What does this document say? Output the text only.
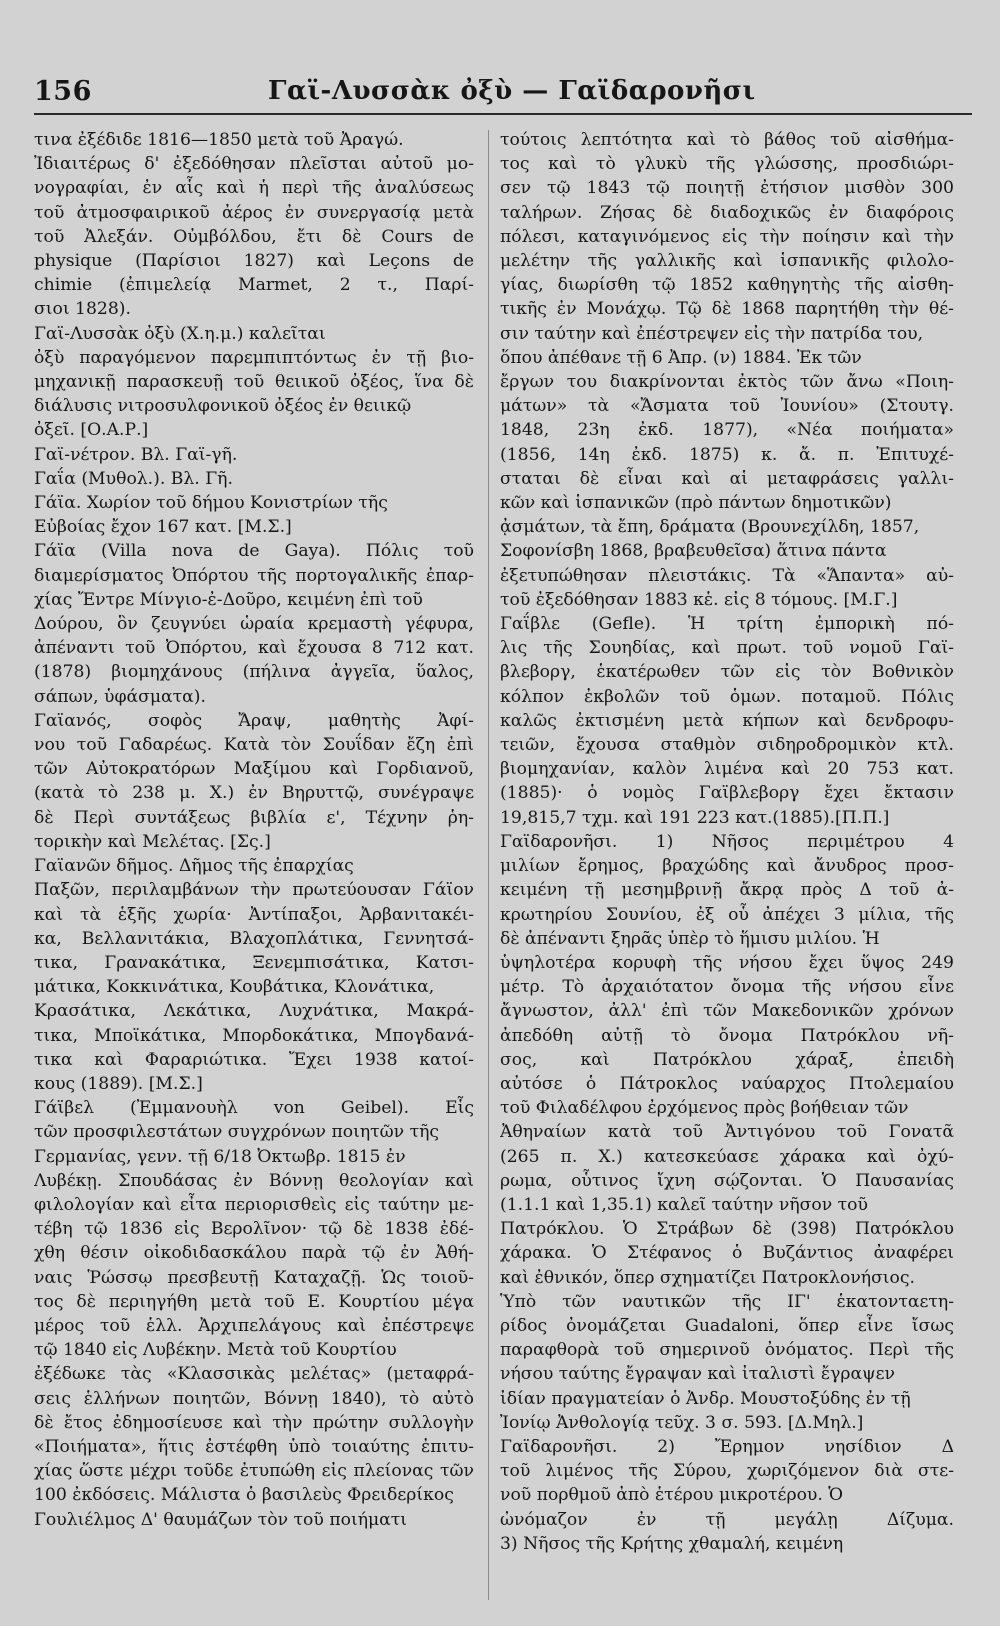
156	Γαϊ-Λυσσὰκ ὀξὺ — Γαϊδαρονῆσι
τινα ἐξέδιδε 1816—1850 μετὰ τοῦ Ἀραγώ.
Ἰδιαιτέρως δ' ἐξεδόθησαν πλεῖσται αὐτοῦ μο-
νογραφίαι, ἐν αἷς καὶ ἡ περὶ τῆς ἀναλύσεως
τοῦ ἀτμοσφαιρικοῦ ἀέρος ἐν συνεργασίᾳ μετὰ
τοῦ Ἀλεξάν. Οὐμβόλδου, ἔτι δὲ Cours de
physique (Παρίσιοι 1827) καὶ Leçons de
chimie (ἐπιμελείᾳ Marmet, 2 τ., Παρί-
σιοι 1828).
Γαϊ-Λυσσὰκ ὀξὺ (Χ.η.μ.) καλεῖται
ὀξὺ παραγόμενον παρεμπιπτόντως ἐν τῇ βιο-
μηχανικῇ παρασκευῇ τοῦ θειικοῦ ὀξέος, ἵνα δὲ
διάλυσις νιτροσυλφονικοῦ ὀξέος ἐν θειικῷ
ὀξεῖ. [Ο.Α.Ρ.]
Γαϊ-νέτρον. Βλ. Γαϊ-γῆ.
Γαΐα (Μυθολ.). Βλ. Γῆ.
Γάϊα. Χωρίον τοῦ δήμου Κονιστρίων τῆς
Εὐβοίας ἔχον 167 κατ. [Μ.Σ.]
Γάϊα (Villa nova de Gaya). Πόλις τοῦ
διαμερίσματος Ὀπόρτου τῆς πορτογαλικῆς ἐπαρ-
χίας Ἔντρε Μίνγιο-ἐ-Δοῦρο, κειμένη ἐπὶ τοῦ
Δούρου, ὃν ζευγνύει ὡραία κρεμαστὴ γέφυρα,
ἀπέναντι τοῦ Ὀπόρτου, καὶ ἔχουσα 8 712 κατ.
(1878) βιομηχάνους (πήλινα ἀγγεῖα, ὕαλος,
σάπων, ὑφάσματα).
Γαϊανός, σοφὸς Ἄραψ, μαθητὴς Ἀφί-
νου τοῦ Γαδαρέως. Κατὰ τὸν Σουΐδαν ἔζη ἐπὶ
τῶν Αὐτοκρατόρων Μαξίμου καὶ Γορδιανοῦ,
(κατὰ τὸ 238 μ. Χ.) ἐν Βηρυττῷ, συνέγραψε
δὲ Περὶ συντάξεως βιβλία ε', Τέχνην ῥη-
τορικὴν καὶ Μελέτας. [Σς.]
Γαϊανῶν δῆμος. Δῆμος τῆς ἐπαρχίας
Παξῶν, περιλαμβάνων τὴν πρωτεύουσαν Γάϊον
καὶ τὰ ἑξῆς χωρία· Ἀντίπαξοι, Ἀρβανιτακέι-
κα, Βελλανιτάκια, Βλαχοπλάτικα, Γεννητσά-
τικα, Γρανακάτικα, Ξενεμπισάτικα, Κατσι-
μάτικα, Κοκκινάτικα, Κουβάτικα, Κλονάτικα,
Κρασάτικα, Λεκάτικα, Λυχνάτικα, Μακρά-
τικα, Μποϊκάτικα, Μπορδοκάτικα, Μπογδανά-
τικα καὶ Φαραριώτικα. Ἔχει 1938 κατοί-
κους (1889). [Μ.Σ.]
Γάϊβελ (Ἐμμανουὴλ von Geibel). Εἷς
τῶν προσφιλεστάτων συγχρόνων ποιητῶν τῆς
Γερμανίας, γενν. τῇ 6/18 Ὀκτωβρ. 1815 ἐν
Λυβέκῃ. Σπουδάσας ἐν Βόννῃ θεολογίαν καὶ
φιλολογίαν καὶ εἶτα περιορισθεὶς εἰς ταύτην με-
τέβη τῷ 1836 εἰς Βερολῖνον· τῷ δὲ 1838 ἐδέ-
χθη θέσιν οἰκοδιδασκάλου παρὰ τῷ ἐν Ἀθή-
ναις Ῥώσσῳ πρεσβευτῇ Καταχαζῇ. Ὡς τοιοῦ-
τος δὲ περιηγήθη μετὰ τοῦ Ε. Κουρτίου μέγα
μέρος τοῦ ἑλλ. Ἀρχιπελάγους καὶ ἐπέστρεψε
τῷ 1840 εἰς Λυβέκην. Μετὰ τοῦ Κουρτίου
ἐξέδωκε τὰς «Κλασσικὰς μελέτας» (μεταφρά-
σεις ἑλλήνων ποιητῶν, Βόννῃ 1840), τὸ αὐτὸ
δὲ ἔτος ἐδημοσίευσε καὶ τὴν πρώτην συλλογὴν
«Ποιήματα», ἥτις ἐστέφθη ὑπὸ τοιαύτης ἐπιτυ-
χίας ὥστε μέχρι τοῦδε ἐτυπώθη εἰς πλείονας τῶν
100 ἐκδόσεις. Μάλιστα ὁ βασιλεὺς Φρειδερίκος
Γουλιέλμος Δ' θαυμάζων τὸν τοῦ ποιήματι
τούτοις λεπτότητα καὶ τὸ βάθος τοῦ αἰσθήμα-
τος καὶ τὸ γλυκὺ τῆς γλώσσης, προσδιώρι-
σεν τῷ 1843 τῷ ποιητῇ ἐτήσιον μισθὸν 300
ταλήρων. Ζήσας δὲ διαδοχικῶς ἐν διαφόροις
πόλεσι, καταγινόμενος εἰς τὴν ποίησιν καὶ τὴν
μελέτην τῆς γαλλικῆς καὶ ἱσπανικῆς φιλολο-
γίας, διωρίσθη τῷ 1852 καθηγητὴς τῆς αἰσθη-
τικῆς ἐν Μονάχῳ. Τῷ δὲ 1868 παρητήθη τὴν θέ-
σιν ταύτην καὶ ἐπέστρεψεν εἰς τὴν πατρίδα του,
ὅπου ἀπέθανε τῇ 6 Ἀπρ. (ν) 1884. Ἐκ τῶν
ἔργων του διακρίνονται ἐκτὸς τῶν ἄνω «Ποιη-
μάτων» τὰ «Ἄσματα τοῦ Ἰουνίου» (Στουτγ.
1848, 23η ἐκδ. 1877), «Νέα ποιήματα»
(1856, 14η ἐκδ. 1875) κ. ἄ. π. Ἐπιτυχέ-
σταται δὲ εἶναι καὶ αἱ μεταφράσεις γαλλι-
κῶν καὶ ἱσπανικῶν (πρὸ πάντων δημοτικῶν)
ᾀσμάτων, τὰ ἔπη, δράματα (Βρουνεχίλδη, 1857,
Σοφονίσβη 1868, βραβευθεῖσα) ἅτινα πάντα
ἐξετυπώθησαν πλειστάκις. Τὰ «Ἅπαντα» αὐ-
τοῦ ἐξεδόθησαν 1883 κἑ. εἰς 8 τόμους. [Μ.Γ.]
Γαΐβλε (Gefle). Ἡ τρίτη ἐμπορικὴ πό-
λις τῆς Σουηδίας, καὶ πρωτ. τοῦ νομοῦ Γαϊ-
βλεβοργ, ἑκατέρωθεν τῶν εἰς τὸν Βοθνικὸν
κόλπον ἐκβολῶν τοῦ ὁμων. ποταμοῦ. Πόλις
καλῶς ἐκτισμένη μετὰ κήπων καὶ δενδροφυ-
τειῶν, ἔχουσα σταθμὸν σιδηροδρομικὸν κτλ.
βιομηχανίαν, καλὸν λιμένα καὶ 20 753 κατ.
(1885)· ὁ νομὸς Γαϊβλεβοργ ἔχει ἔκτασιν
19,815,7 τχμ. καὶ 191 223 κατ.(1885).[Π.Π.]
Γαϊδαρονῆσι. 1) Νῆσος περιμέτρου 4
μιλίων ἔρημος, βραχώδης καὶ ἄνυδρος προσ-
κειμένη τῇ μεσημβρινῇ ἄκρᾳ πρὸς Δ τοῦ ἀ-
κρωτηρίου Σουνίου, ἐξ οὗ ἀπέχει 3 μίλια, τῆς
δὲ ἀπέναντι ξηρᾶς ὑπὲρ τὸ ἥμισυ μιλίου. Ἡ
ὑψηλοτέρα κορυφὴ τῆς νήσου ἔχει ὕψος 249
μέτρ. Τὸ ἀρχαιότατον ὄνομα τῆς νήσου εἶνε
ἄγνωστον, ἀλλ' ἐπὶ τῶν Μακεδονικῶν χρόνων
ἀπεδόθη αὐτῇ τὸ ὄνομα Πατρόκλου νῆ-
σος, καὶ Πατρόκλου χάραξ, ἐπειδὴ
αὐτόσε ὁ Πάτροκλος ναύαρχος Πτολεμαίου
τοῦ Φιλαδέλφου ἐρχόμενος πρὸς βοήθειαν τῶν
Ἀθηναίων κατὰ τοῦ Ἀντιγόνου τοῦ Γονατᾶ
(265 π. Χ.) κατεσκεύασε χάρακα καὶ ὀχύ-
ρωμα, οὗτινος ἴχνη σῴζονται. Ὁ Παυσανίας
(1.1.1 καὶ 1,35.1) καλεῖ ταύτην νῆσον τοῦ
Πατρόκλου. Ὁ Στράβων δὲ (398) Πατρόκλου
χάρακα. Ὁ Στέφανος ὁ Βυζάντιος ἀναφέρει
καὶ ἐθνικόν, ὅπερ σχηματίζει Πατροκλονήσιος.
Ὑπὸ τῶν ναυτικῶν τῆς ΙΓ' ἑκατονταετη-
ρίδος ὀνομάζεται Guadaloni, ὅπερ εἶνε ἴσως
παραφθορὰ τοῦ σημερινοῦ ὀνόματος. Περὶ τῆς
νήσου ταύτης ἔγραψαν καὶ ἰταλιστὶ ἔγραψεν
ἰδίαν πραγματείαν ὁ Ἀνδρ. Μουστοξύδης ἐν τῇ
Ἰονίῳ Ἀνθολογίᾳ τεῦχ. 3 σ. 593. [Δ.Μηλ.]
Γαϊδαρονῆσι. 2) Ἔρημον νησίδιον Δ
τοῦ λιμένος τῆς Σύρου, χωριζόμενον διὰ στε-
νοῦ πορθμοῦ ἀπὸ ἑτέρου μικροτέρου. Ὁ
ὠνόμαζον ἐν τῇ μεγάλῃ Δίζυμα.
3) Νῆσος τῆς Κρήτης χθαμαλή, κειμένη
